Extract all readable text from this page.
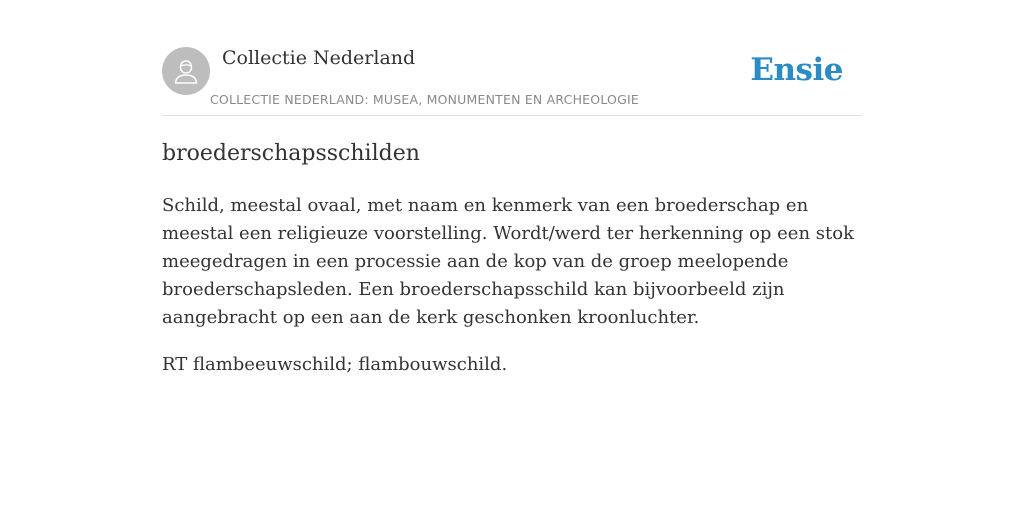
Collectie Nederland
COLLECTIE NEDERLAND: MUSEA, MONUMENTEN EN ARCHEOLOGIE
Ensie
broederschapsschilden

Schild, meestal ovaal, met naam en kenmerk van een broederschap en meestal een religieuze voorstelling. Wordt/werd ter herkenning op een stok meegedragen in een processie aan de kop van de groep meelopende broederschapsleden. Een broederschapsschild kan bijvoorbeeld zijn aangebracht op een aan de kerk geschonken kroonluchter.

RT flambeeuwschild; flambouwschild.
